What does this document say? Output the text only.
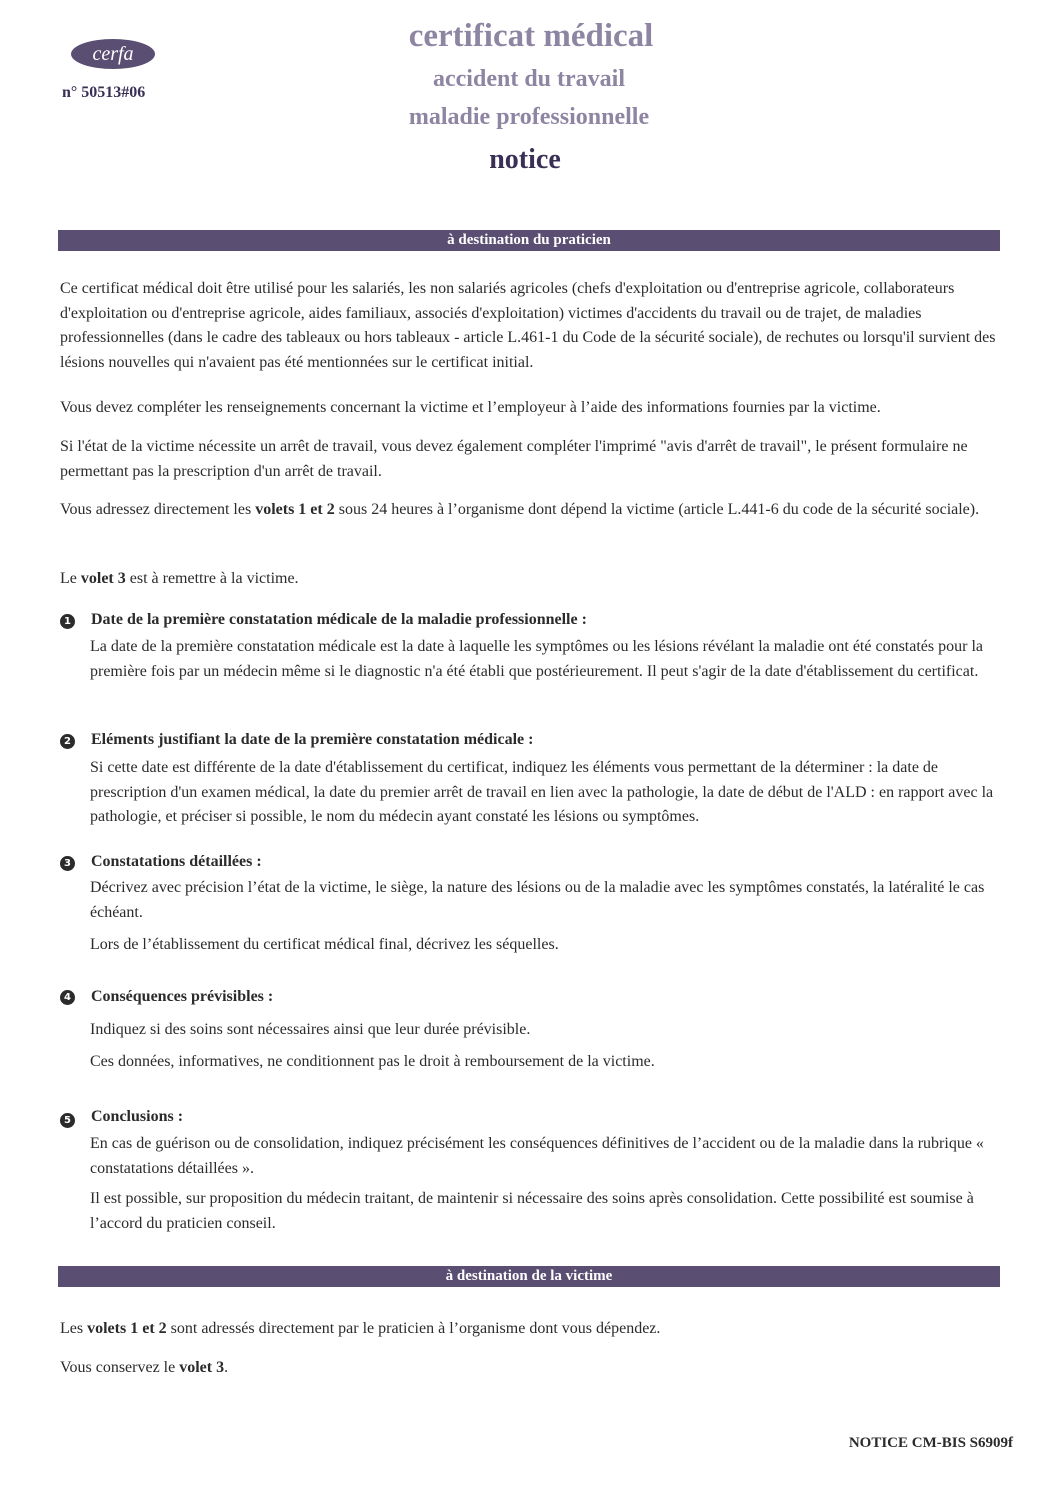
cerfa
n° 50513#06
certificat médical
accident du travail
maladie professionnelle
notice
à destination du praticien

Ce certificat médical doit être utilisé pour les salariés, les non salariés agricoles (chefs d'exploitation ou d'entreprise agricole, collaborateurs d'exploitation ou d'entreprise agricole, aides familiaux, associés d'exploitation) victimes d'accidents du travail ou de trajet, de maladies professionnelles (dans le cadre des tableaux ou hors tableaux - article L.461-1 du Code de la sécurité sociale), de rechutes ou lorsqu'il survient des lésions nouvelles qui n'avaient pas été mentionnées sur le certificat initial.

Vous devez compléter les renseignements concernant la victime et l’employeur à l’aide des informations fournies par la victime.

Si l'état de la victime nécessite un arrêt de travail, vous devez également compléter l'imprimé "avis d'arrêt de travail", le présent formulaire ne permettant pas la prescription d'un arrêt de travail.

Vous adressez directement les volets 1 et 2 sous 24 heures à l’organisme dont dépend la victime (article L.441-6 du code de la sécurité sociale).

Le volet 3 est à remettre à la victime.

1 Date de la première constatation médicale de la maladie professionnelle :

La date de la première constatation médicale est la date à laquelle les symptômes ou les lésions révélant la maladie ont été constatés pour la première fois par un médecin même si le diagnostic n'a été établi que postérieurement. Il peut s'agir de la date d'établissement du certificat.

2 Eléments justifiant la date de la première constatation médicale :

Si cette date est différente de la date d'établissement du certificat, indiquez les éléments vous permettant de la déterminer : la date de prescription d'un examen médical, la date du premier arrêt de travail en lien avec la pathologie, la date de début de l'ALD : en rapport avec la pathologie, et préciser si possible, le nom du médecin ayant constaté les lésions ou symptômes.

3 Constatations détaillées :

Décrivez avec précision l’état de la victime, le siège, la nature des lésions ou de la maladie avec les symptômes constatés, la latéralité le cas échéant.

Lors de l’établissement du certificat médical final, décrivez les séquelles.

4 Conséquences prévisibles :

Indiquez si des soins sont nécessaires ainsi que leur durée prévisible.

Ces données, informatives, ne conditionnent pas le droit à remboursement de la victime.

5 Conclusions :

En cas de guérison ou de consolidation, indiquez précisément les conséquences définitives de l’accident ou de la maladie dans la rubrique « constatations détaillées ».

Il est possible, sur proposition du médecin traitant, de maintenir si nécessaire des soins après consolidation. Cette possibilité est soumise à l’accord du praticien conseil.

à destination de la victime

Les volets 1 et 2 sont adressés directement par le praticien à l’organisme dont vous dépendez.

Vous conservez le volet 3.

NOTICE CM-BIS S6909f
